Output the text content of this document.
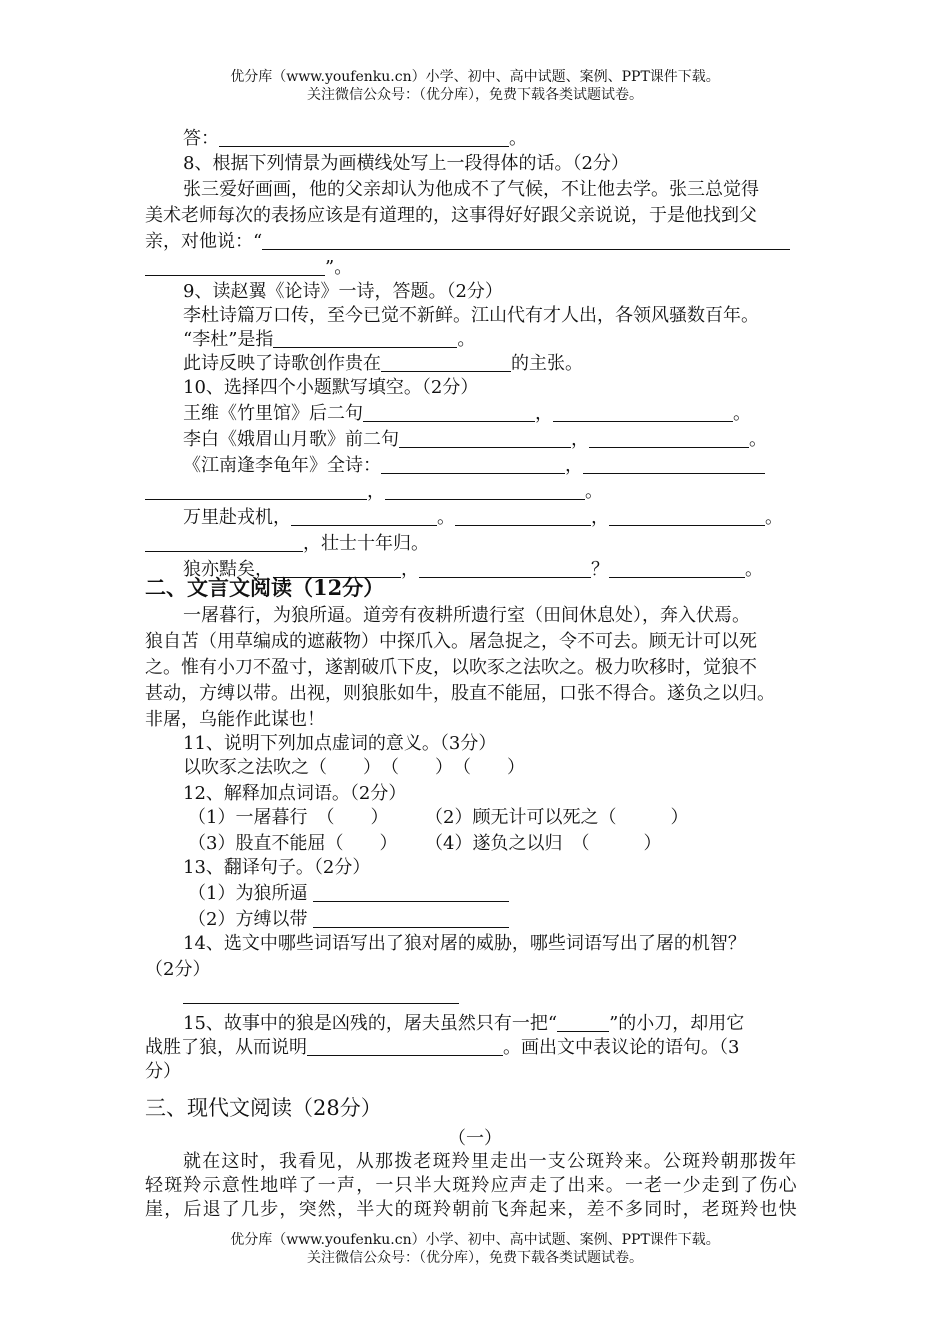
优分库（www.youfenku.cn）小学、初中、高中试题、案例、PPT课件下载。
关注微信公众号：（优分库），免费下载各类试题试卷。
答：	。
8、根据下列情景为画横线处写上一段得体的话。（2分）
张三爱好画画，他的父亲却认为他成不了气候，不让他去学。张三总觉得
美术老师每次的表扬应该是有道理的，这事得好好跟父亲说说，于是他找到父
亲，对他说：“
”。
9、读赵翼《论诗》一诗，答题。（2分）
李杜诗篇万口传，至今已觉不新鲜。江山代有才人出，各领风骚数百年。
“李杜”是指	。
此诗反映了诗歌创作贵在	的主张。
10、选择四个小题默写填空。（2分）
王维《竹里馆》后二句	，	。
李白《娥眉山月歌》前二句	，	。
《江南逢李龟年》全诗：	，
，	。
万里赴戎机，	。	，	。
，壮士十年归。
狼亦黠矣，	，	？	。
二、文言文阅读（12分）
一屠暮行，为狼所逼。道旁有夜耕所遗行室（田间休息处），奔入伏焉。
狼自苫（用草编成的遮蔽物）中探爪入。屠急捉之，令不可去。顾无计可以死
之。惟有小刀不盈寸，遂割破爪下皮，以吹豕之法吹之。极力吹移时，觉狼不
甚动，方缚以带。出视，则狼胀如牛，股直不能屈，口张不得合。遂负之以归。
非屠，乌能作此谋也！
11、说明下列加点虚词的意义。（3分）
以吹豕之法吹之（　　）　（　　）　（　　）
12、解释加点词语。（2分）
（1）一屠暮行　（　　） （2）顾无计可以死之（　　　）
（3）股直不能屈（　　） （4）遂负之以归　（　　　）
13、翻译句子。（2分）
（1）为狼所逼
（2）方缚以带
14、选文中哪些词语写出了狼对屠的威胁，哪些词语写出了屠的机智？
（2分）
15、故事中的狼是凶残的，屠夫虽然只有一把“	”的小刀，却用它
战胜了狼，从而说明	。画出文中表议论的语句。（3
分）
三、现代文阅读（28分）
（一）
就在这时，我看见，从那拨老斑羚里走出一支公斑羚来。公斑羚朝那拨年
轻斑羚示意性地咩了一声，一只半大斑羚应声走了出来。一老一少走到了伤心
崖，后退了几步，突然，半大的斑羚朝前飞奔起来，差不多同时，老斑羚也快
优分库（www.youfenku.cn）小学、初中、高中试题、案例、PPT课件下载。
关注微信公众号：（优分库），免费下载各类试题试卷。
